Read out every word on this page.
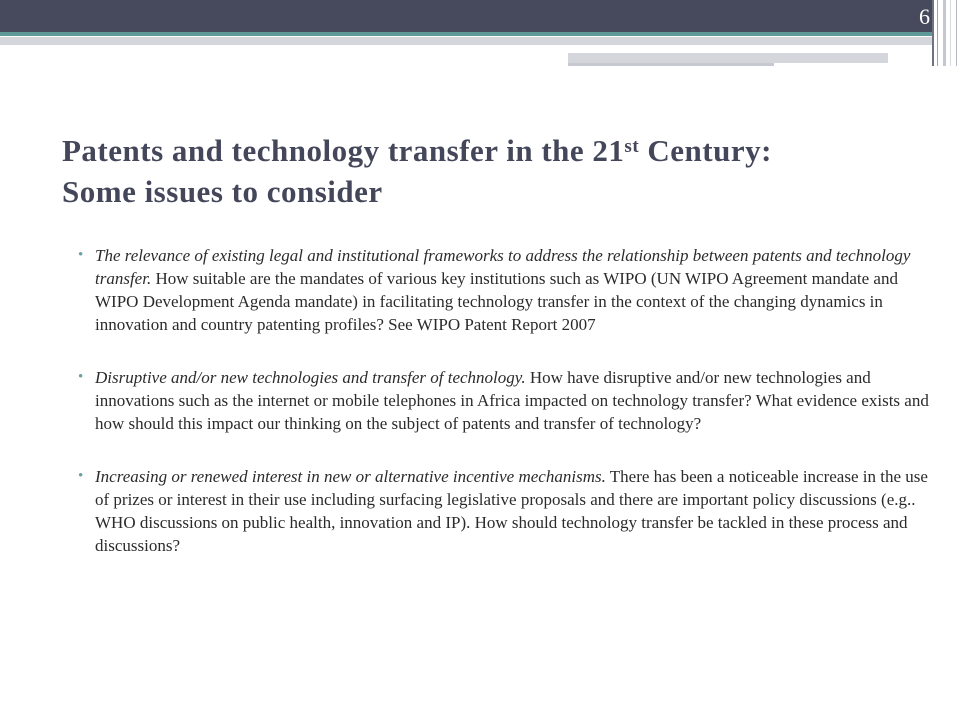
6
Patents and technology transfer in the 21st Century:
Some issues to consider
• The relevance of existing legal and institutional frameworks to address the relationship between patents and technology transfer. How suitable are the mandates of various key institutions such as WIPO (UN WIPO Agreement mandate and WIPO Development Agenda mandate) in facilitating technology transfer in the context of the changing dynamics in innovation and country patenting profiles? See WIPO Patent Report 2007
• Disruptive and/or new technologies and transfer of technology. How have disruptive and/or new technologies and innovations such as the internet or mobile telephones in Africa impacted on technology transfer? What evidence exists and how should this impact our thinking on the subject of patents and transfer of technology?
• Increasing or renewed interest in new or alternative incentive mechanisms. There has been a noticeable increase in the use of prizes or interest in their use including surfacing legislative proposals and there are important policy discussions (e.g.. WHO discussions on public health, innovation and IP). How should technology transfer be tackled in these process and discussions?
